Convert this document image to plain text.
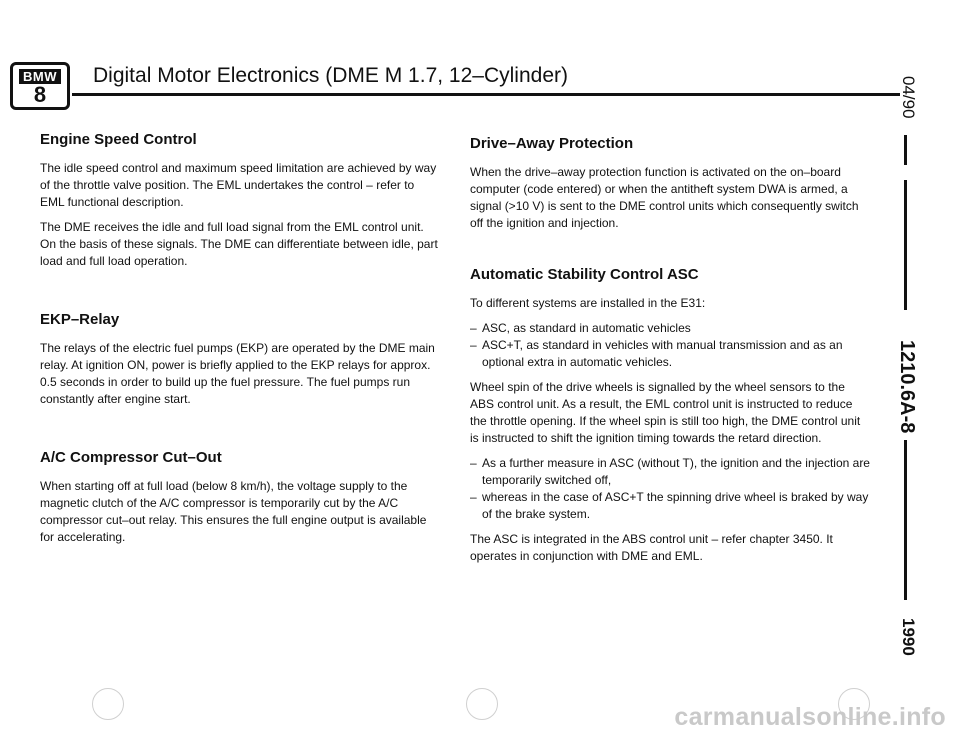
BMW
8
Digital Motor Electronics (DME M 1.7, 12–Cylinder)
Engine Speed Control

The idle speed control and maximum speed limitation are achieved by way of the throttle valve position. The EML undertakes the control – refer to EML functional description.

The DME receives the idle and full load signal from the EML control unit. On the basis of these signals. The DME can differentiate between idle, part load and full load operation.

EKP–Relay

The relays of the electric fuel pumps (EKP) are operated by the DME main relay. At ignition ON, power is briefly applied to the EKP relays for approx. 0.5 seconds in order to build up the fuel pressure. The fuel pumps run constantly after engine start.

A/C Compressor Cut–Out

When starting off at full load (below 8 km/h), the voltage supply to the magnetic clutch of the A/C compressor is temporarily cut by the A/C compressor cut–out relay. This ensures the full engine output is available for accelerating.

Drive–Away Protection

When the drive–away protection function is activated on the on–board computer (code entered) or when the antitheft system DWA is armed, a signal (>10 V) is sent to the DME control units which consequently switch off the ignition and injection.

Automatic Stability Control ASC

To different systems are installed in the E31:

– ASC, as standard in automatic vehicles
– ASC+T, as standard in vehicles with manual transmission and as an optional extra in automatic vehicles.

Wheel spin of the drive wheels is signalled by the wheel sensors to the ABS control unit. As a result, the EML control unit is instructed to reduce the throttle opening. If the wheel spin is still too high, the DME control unit is instructed to shift the ignition timing towards the retard direction.

– As a further measure in ASC (without T), the ignition and the injection are temporarily switched off,
– whereas in the case of ASC+T the spinning drive wheel is braked by way of the brake system.

The ASC is integrated in the ABS control unit – refer chapter 3450. It operates in conjunction with DME and EML.

04/90
1210.6A-8
1990
carmanualsonline.info
